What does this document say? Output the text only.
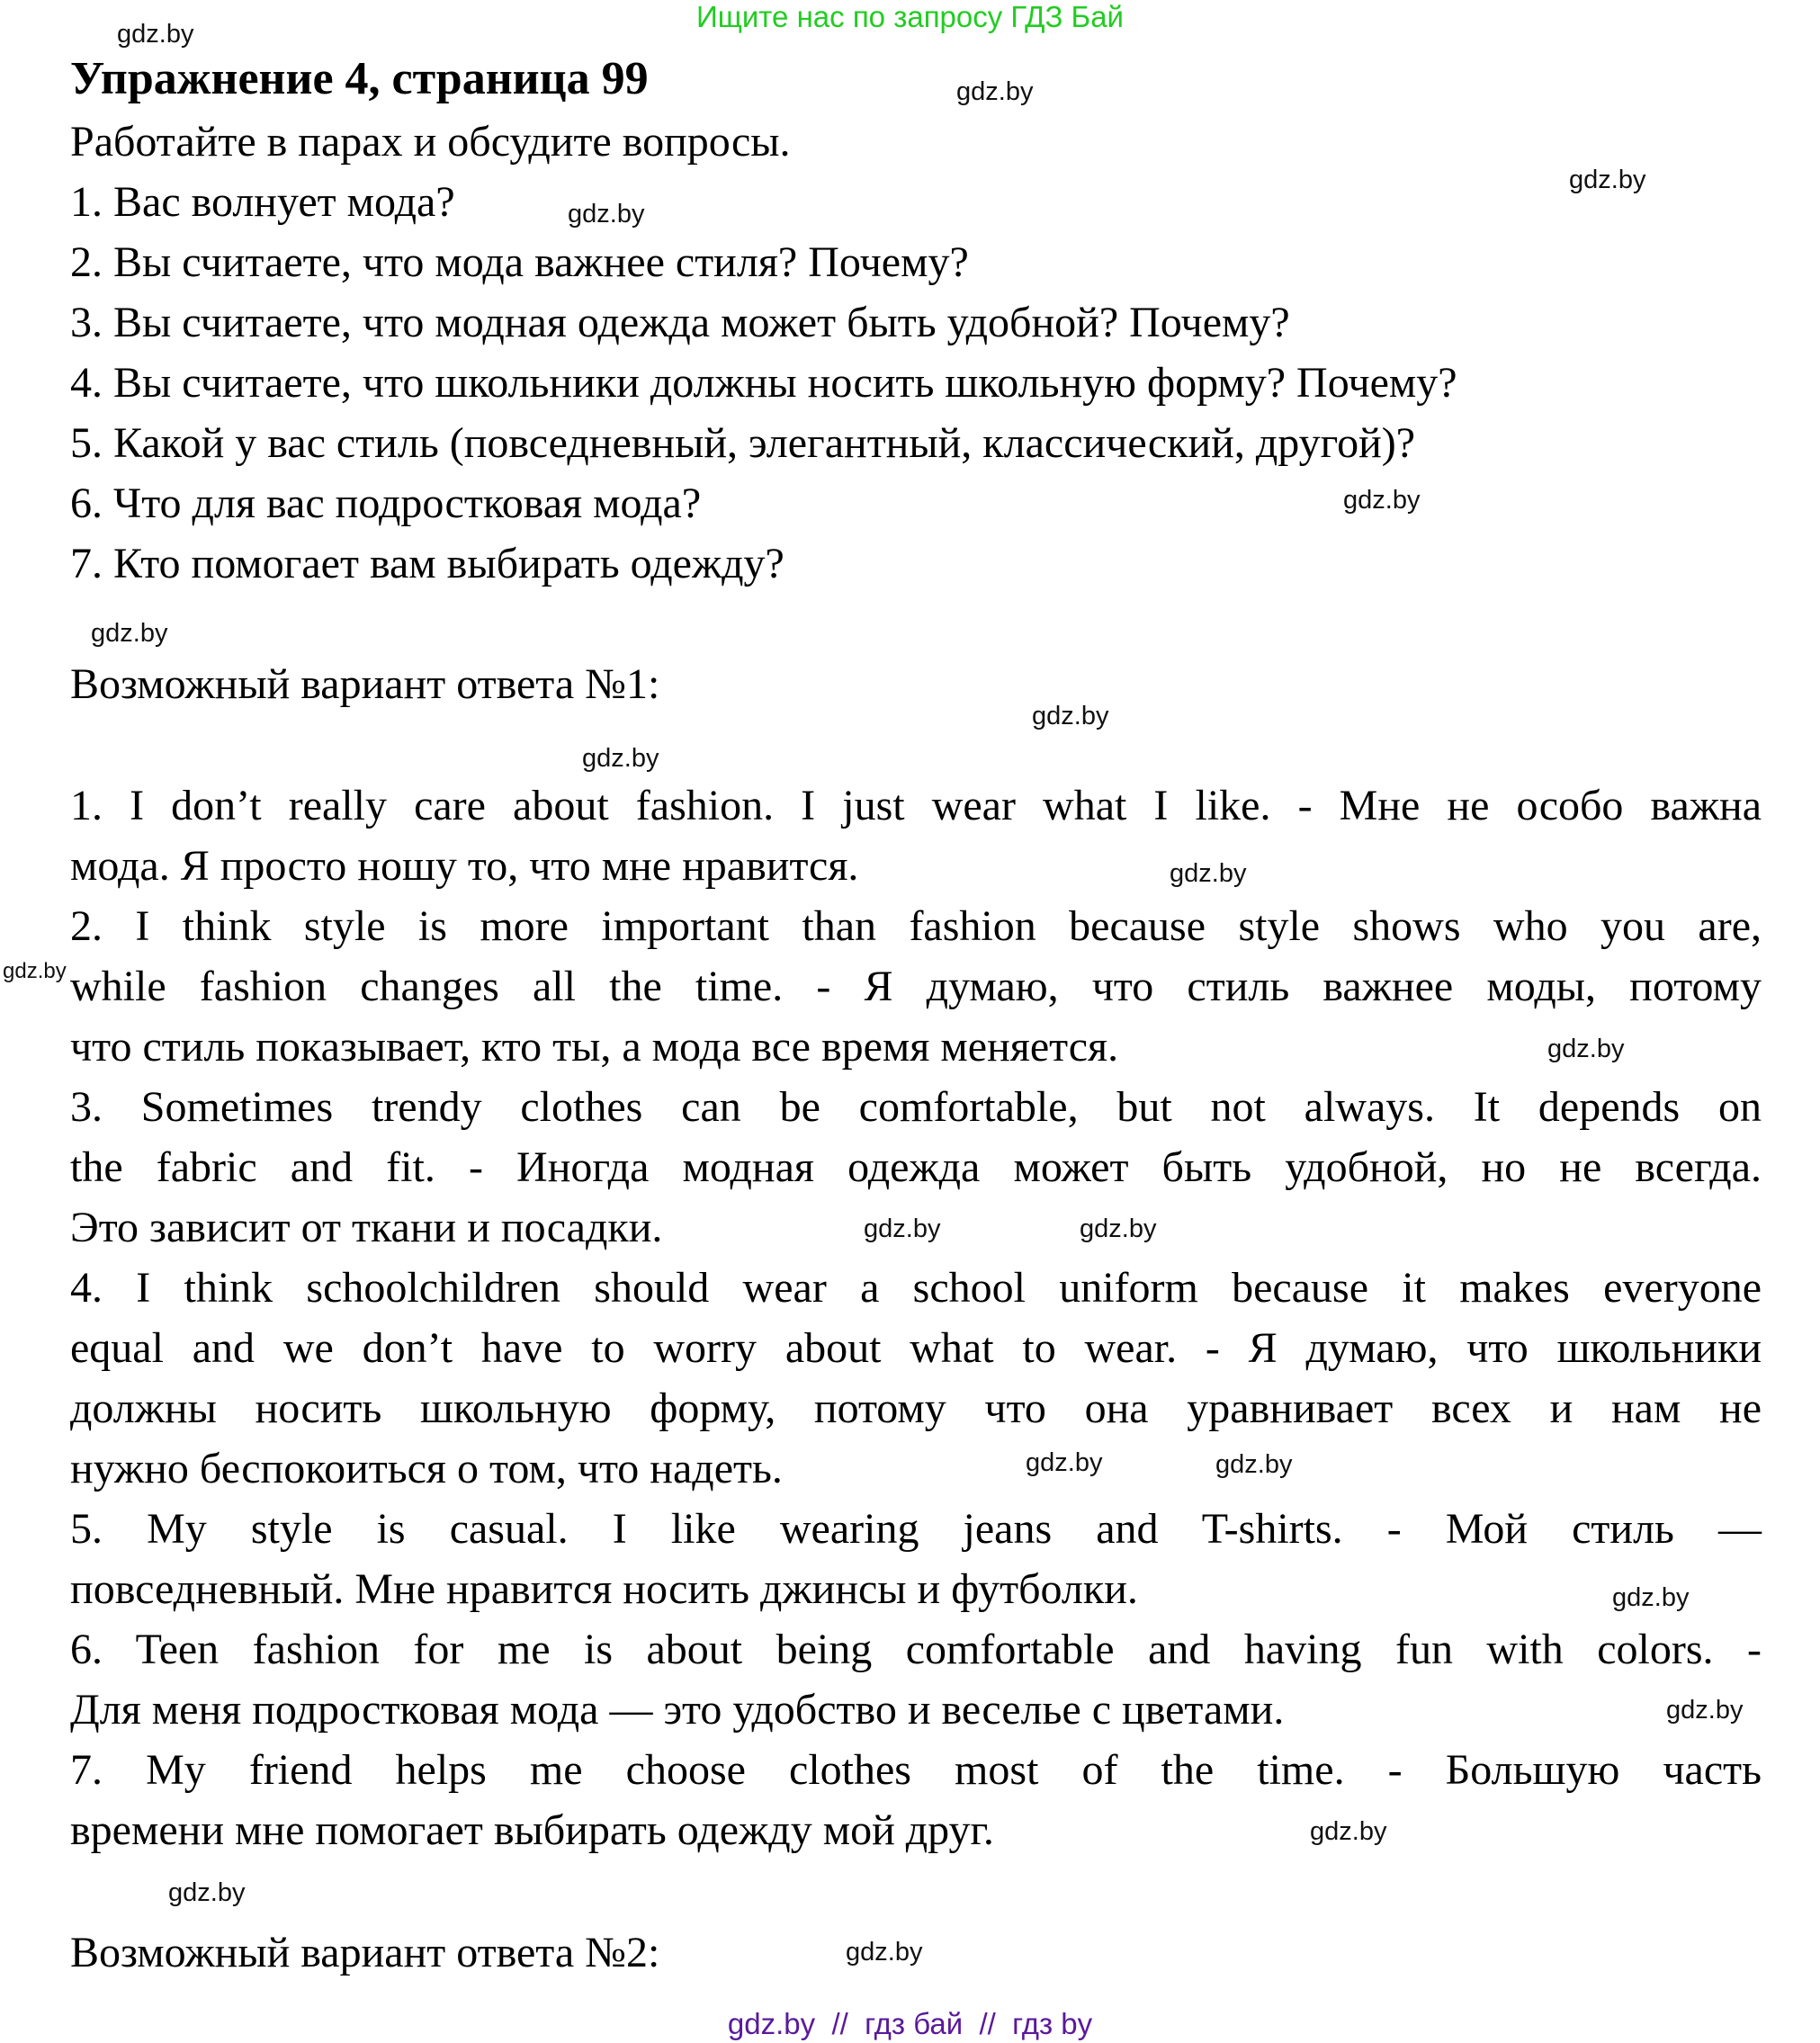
Ищите нас по запросу ГДЗ Бай
Упражнение 4, страница 99
Работайте в парах и обсудите вопросы.
1. Вас волнует мода?
2. Вы считаете, что мода важнее стиля? Почему?
3. Вы считаете, что модная одежда может быть удобной? Почему?
4. Вы считаете, что школьники должны носить школьную форму? Почему?
5. Какой у вас стиль (повседневный, элегантный, классический, другой)?
6. Что для вас подростковая мода?
7. Кто помогает вам выбирать одежду?
Возможный вариант ответа №1:
1. I don’t really care about fashion. I just wear what I like. - Мне не особо важна
мода. Я просто ношу то, что мне нравится.
2. I think style is more important than fashion because style shows who you are,
while fashion changes all the time. - Я думаю, что стиль важнее моды, потому
что стиль показывает, кто ты, а мода все время меняется.
3. Sometimes trendy clothes can be comfortable, but not always. It depends on
the fabric and fit. - Иногда модная одежда может быть удобной, но не всегда.
Это зависит от ткани и посадки.
4. I think schoolchildren should wear a school uniform because it makes everyone
equal and we don’t have to worry about what to wear. - Я думаю, что школьники
должны носить школьную форму, потому что она уравнивает всех и нам не
нужно беспокоиться о том, что надеть.
5. My style is casual. I like wearing jeans and T-shirts. - Мой стиль —
повседневный. Мне нравится носить джинсы и футболки.
6. Teen fashion for me is about being comfortable and having fun with colors. -
Для меня подростковая мода — это удобство и веселье с цветами.
7. My friend helps me choose clothes most of the time. - Большую часть
времени мне помогает выбирать одежду мой друг.
Возможный вариант ответа №2:
gdz.by
gdz.by
gdz.by
gdz.by
gdz.by
gdz.by
gdz.by
gdz.by
gdz.by
gdz.by
gdz.by
gdz.by	gdz.by
gdz.by	gdz.by
gdz.by
gdz.by
gdz.by
gdz.by
gdz.by
gdz.by  //  гдз бай  //  гдз by
